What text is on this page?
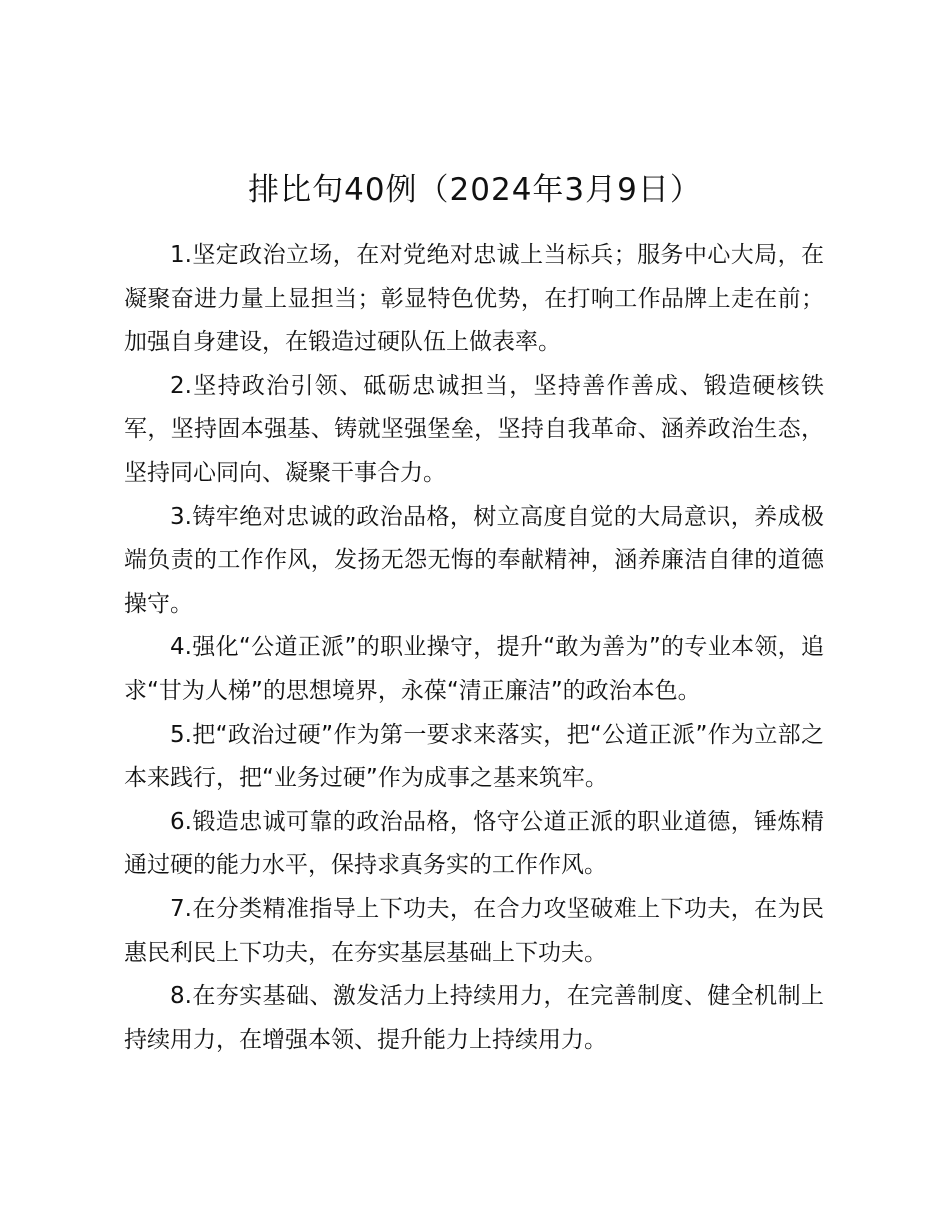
排比句40例（2024年3月9日）

1.坚定政治立场，在对党绝对忠诚上当标兵；服务中心大局，在凝聚奋进力量上显担当；彰显特色优势，在打响工作品牌上走在前；加强自身建设，在锻造过硬队伍上做表率。

2.坚持政治引领、砥砺忠诚担当，坚持善作善成、锻造硬核铁军，坚持固本强基、铸就坚强堡垒，坚持自我革命、涵养政治生态，坚持同心同向、凝聚干事合力。

3.铸牢绝对忠诚的政治品格，树立高度自觉的大局意识，养成极端负责的工作作风，发扬无怨无悔的奉献精神，涵养廉洁自律的道德操守。

4.强化“公道正派”的职业操守，提升“敢为善为”的专业本领，追求“甘为人梯”的思想境界，永葆“清正廉洁”的政治本色。

5.把“政治过硬”作为第一要求来落实，把“公道正派”作为立部之本来践行，把“业务过硬”作为成事之基来筑牢。

6.锻造忠诚可靠的政治品格，恪守公道正派的职业道德，锤炼精通过硬的能力水平，保持求真务实的工作作风。

7.在分类精准指导上下功夫，在合力攻坚破难上下功夫，在为民惠民利民上下功夫，在夯实基层基础上下功夫。

8.在夯实基础、激发活力上持续用力，在完善制度、健全机制上持续用力，在增强本领、提升能力上持续用力。
